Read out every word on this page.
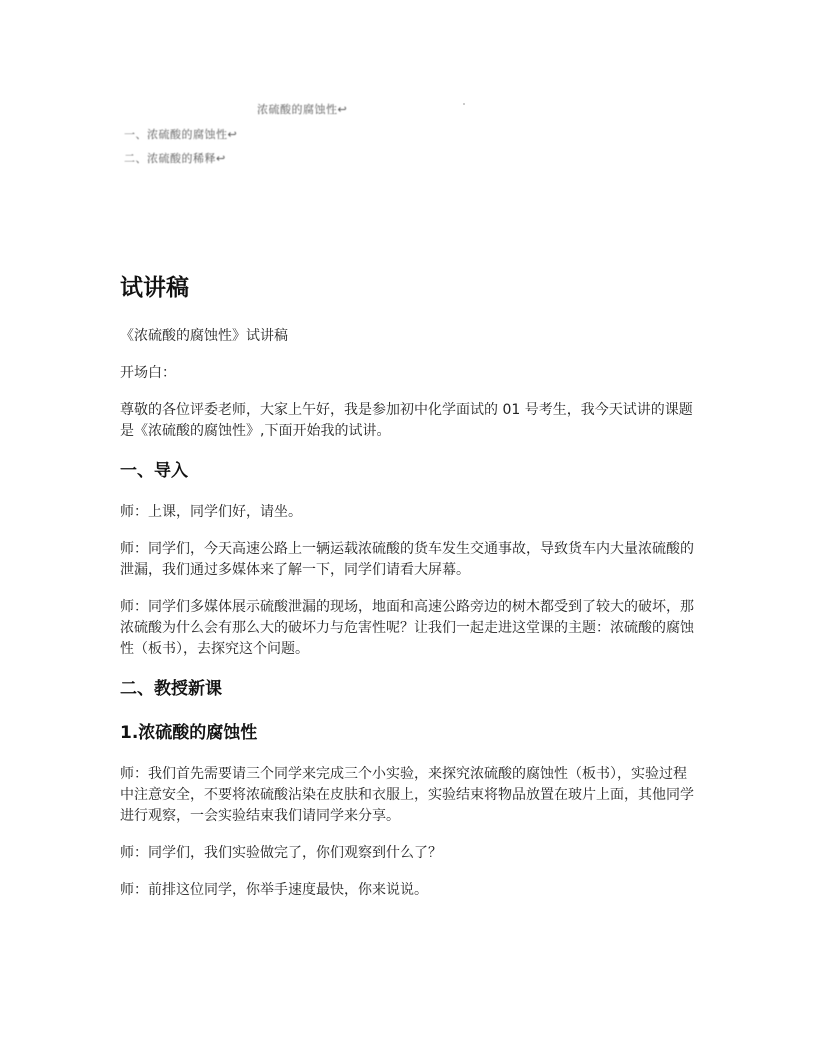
浓硫酸的腐蚀性↩
一、浓硫酸的腐蚀性↩
二、浓硫酸的稀释↩
试讲稿

《浓硫酸的腐蚀性》试讲稿

开场白：

尊敬的各位评委老师，大家上午好，我是参加初中化学面试的 01 号考生，我今天试讲的课题是《浓硫酸的腐蚀性》,下面开始我的试讲。

一、导入

师：上课，同学们好，请坐。

师：同学们，今天高速公路上一辆运载浓硫酸的货车发生交通事故，导致货车内大量浓硫酸的泄漏，我们通过多媒体来了解一下，同学们请看大屏幕。

师：同学们多媒体展示硫酸泄漏的现场，地面和高速公路旁边的树木都受到了较大的破坏，那浓硫酸为什么会有那么大的破坏力与危害性呢？让我们一起走进这堂课的主题：浓硫酸的腐蚀性（板书），去探究这个问题。

二、教授新课
1.浓硫酸的腐蚀性

师：我们首先需要请三个同学来完成三个小实验，来探究浓硫酸的腐蚀性（板书），实验过程中注意安全，不要将浓硫酸沾染在皮肤和衣服上，实验结束将物品放置在玻片上面，其他同学进行观察，一会实验结束我们请同学来分享。

师：同学们，我们实验做完了，你们观察到什么了？

师：前排这位同学，你举手速度最快，你来说说。
